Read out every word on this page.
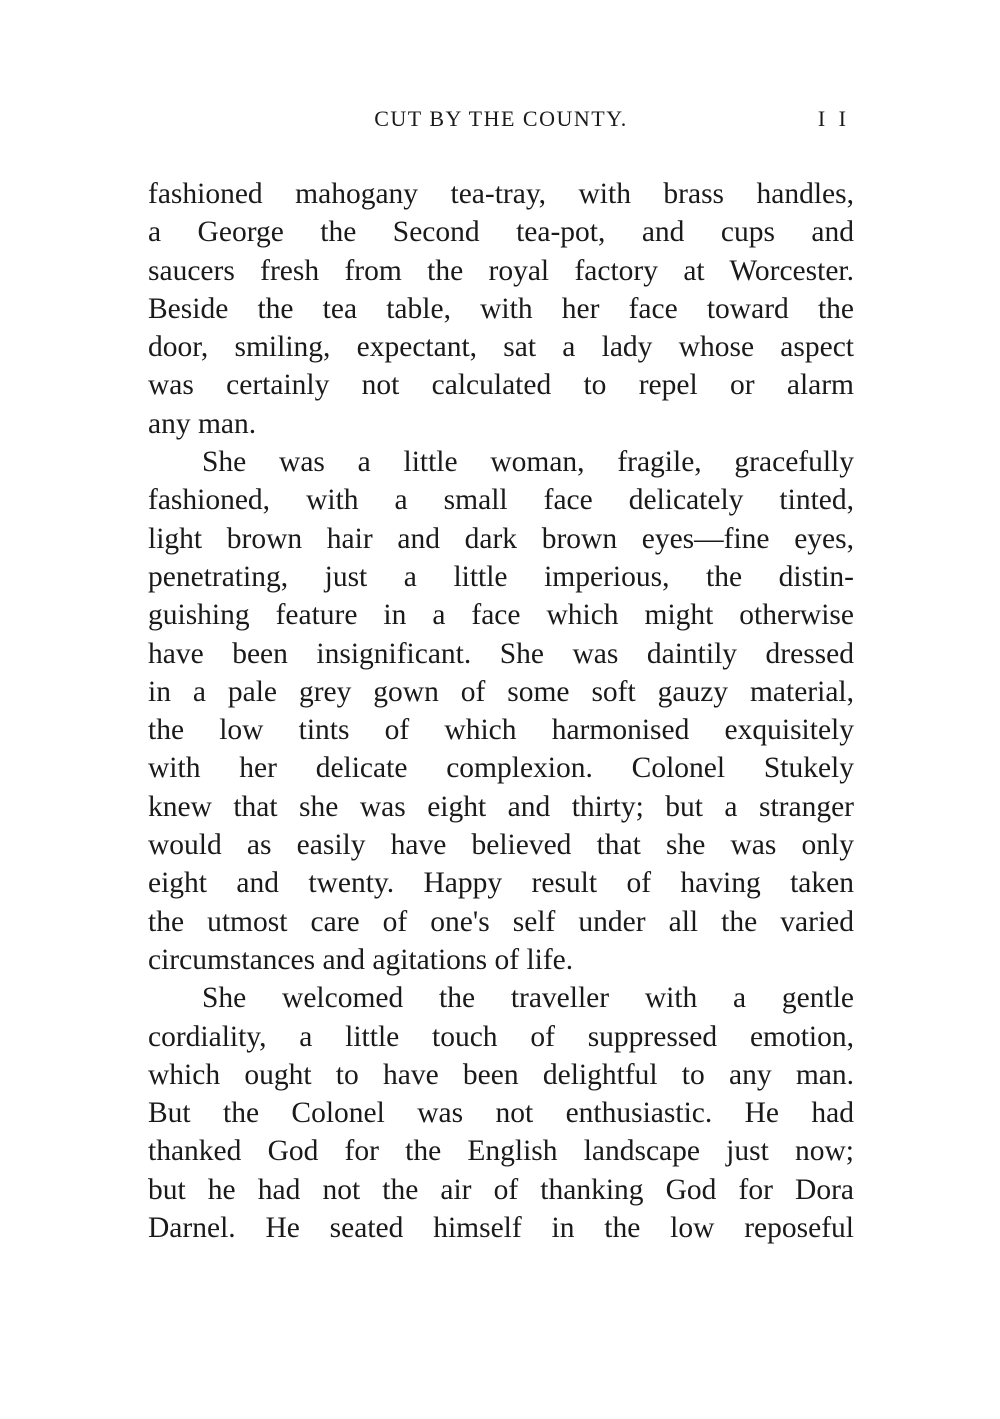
CUT BY THE COUNTY.	I I
fashioned mahogany tea-tray, with brass handles,
a George the Second tea-pot, and cups and
saucers fresh from the royal factory at Worcester.
Beside the tea table, with her face toward the
door, smiling, expectant, sat a lady whose aspect
was certainly not calculated to repel or alarm
any man.
She was a little woman, fragile, gracefully
fashioned, with a small face delicately tinted,
light brown hair and dark brown eyes—fine eyes,
penetrating, just a little imperious, the distin-
guishing feature in a face which might otherwise
have been insignificant. She was daintily dressed
in a pale grey gown of some soft gauzy material,
the low tints of which harmonised exquisitely
with her delicate complexion. Colonel Stukely
knew that she was eight and thirty; but a stranger
would as easily have believed that she was only
eight and twenty. Happy result of having taken
the utmost care of one's self under all the varied
circumstances and agitations of life.
She welcomed the traveller with a gentle
cordiality, a little touch of suppressed emotion,
which ought to have been delightful to any man.
But the Colonel was not enthusiastic. He had
thanked God for the English landscape just now;
but he had not the air of thanking God for Dora
Darnel. He seated himself in the low reposeful
